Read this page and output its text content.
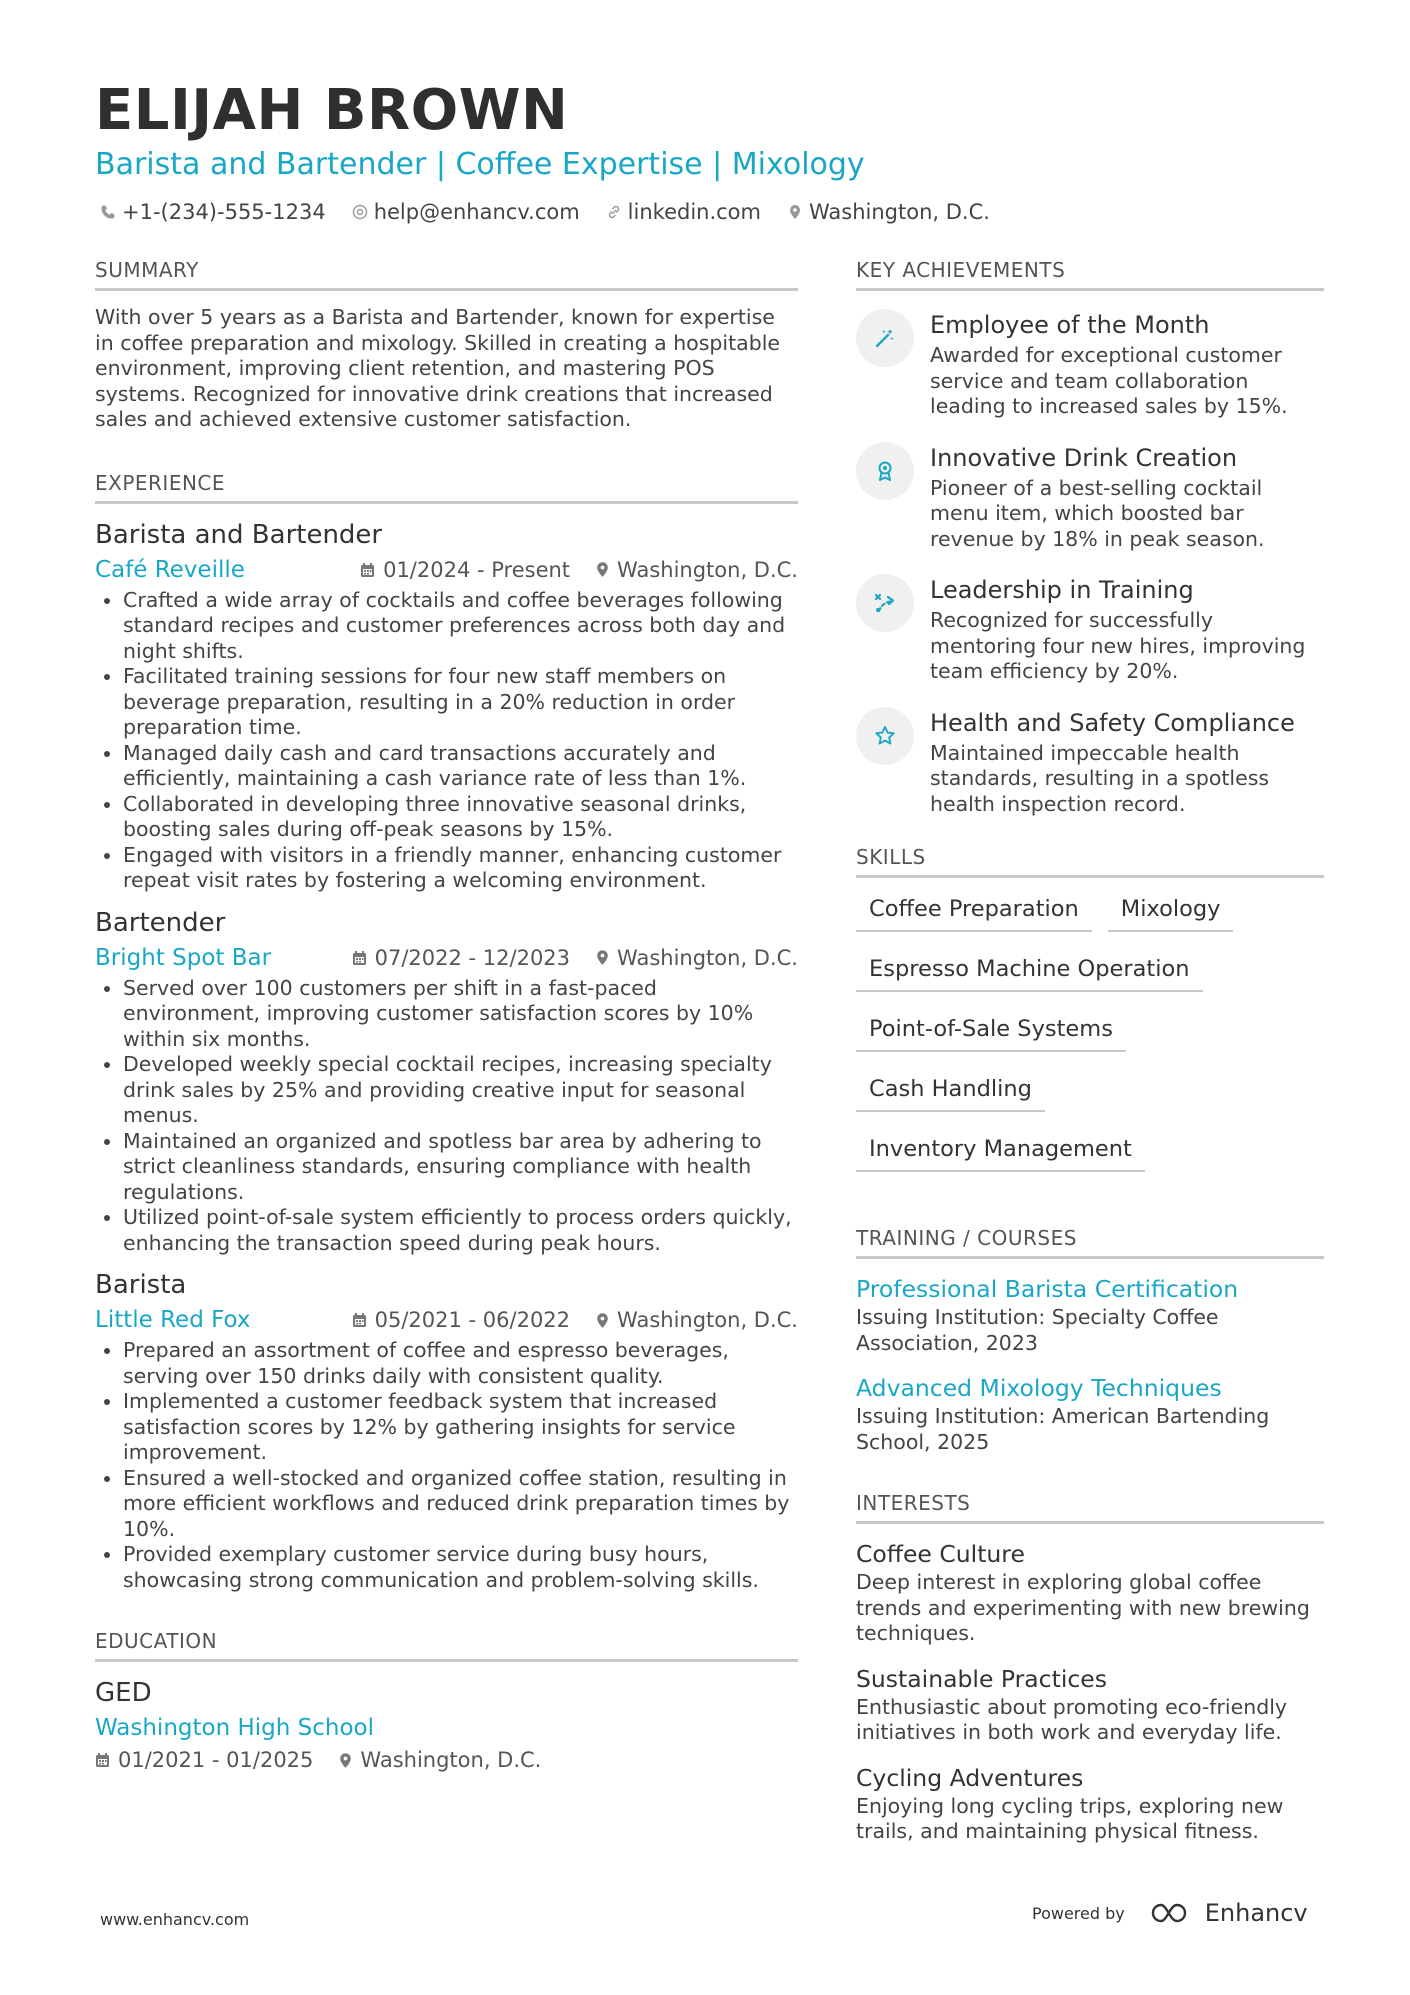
ELIJAH BROWN
Barista and Bartender | Coffee Expertise | Mixology
+1-(234)-555-1234 help@enhancv.com linkedin.com Washington, D.C.
SUMMARY
With over 5 years as a Barista and Bartender, known for expertise in coffee preparation and mixology. Skilled in creating a hospitable environment, improving client retention, and mastering POS systems. Recognized for innovative drink creations that increased sales and achieved extensive customer satisfaction.
EXPERIENCE
Barista and Bartender
Café Reveille	01/2024 - Present Washington, D.C.
• Crafted a wide array of cocktails and coffee beverages following standard recipes and customer preferences across both day and night shifts.
• Facilitated training sessions for four new staff members on beverage preparation, resulting in a 20% reduction in order preparation time.
• Managed daily cash and card transactions accurately and efficiently, maintaining a cash variance rate of less than 1%.
• Collaborated in developing three innovative seasonal drinks, boosting sales during off-peak seasons by 15%.
• Engaged with visitors in a friendly manner, enhancing customer repeat visit rates by fostering a welcoming environment.
Bartender
Bright Spot Bar	07/2022 - 12/2023 Washington, D.C.
• Served over 100 customers per shift in a fast-paced environment, improving customer satisfaction scores by 10% within six months.
• Developed weekly special cocktail recipes, increasing specialty drink sales by 25% and providing creative input for seasonal menus.
• Maintained an organized and spotless bar area by adhering to strict cleanliness standards, ensuring compliance with health regulations.
• Utilized point-of-sale system efficiently to process orders quickly, enhancing the transaction speed during peak hours.
Barista
Little Red Fox	05/2021 - 06/2022 Washington, D.C.
• Prepared an assortment of coffee and espresso beverages, serving over 150 drinks daily with consistent quality.
• Implemented a customer feedback system that increased satisfaction scores by 12% by gathering insights for service improvement.
• Ensured a well-stocked and organized coffee station, resulting in more efficient workflows and reduced drink preparation times by 10%.
• Provided exemplary customer service during busy hours, showcasing strong communication and problem-solving skills.
EDUCATION
GED
Washington High School
01/2021 - 01/2025 Washington, D.C.
KEY ACHIEVEMENTS
Employee of the Month
Awarded for exceptional customer service and team collaboration leading to increased sales by 15%.
Innovative Drink Creation
Pioneer of a best-selling cocktail menu item, which boosted bar revenue by 18% in peak season.
Leadership in Training
Recognized for successfully mentoring four new hires, improving team efficiency by 20%.
Health and Safety Compliance
Maintained impeccable health standards, resulting in a spotless health inspection record.
SKILLS
Coffee Preparation	Mixology
Espresso Machine Operation
Point-of-Sale Systems
Cash Handling
Inventory Management
TRAINING / COURSES
Professional Barista Certification
Issuing Institution: Specialty Coffee Association, 2023
Advanced Mixology Techniques
Issuing Institution: American Bartending School, 2025
INTERESTS
Coffee Culture
Deep interest in exploring global coffee trends and experimenting with new brewing techniques.
Sustainable Practices
Enthusiastic about promoting eco-friendly initiatives in both work and everyday life.
Cycling Adventures
Enjoying long cycling trips, exploring new trails, and maintaining physical fitness.
www.enhancv.com	Powered by	Enhancv
